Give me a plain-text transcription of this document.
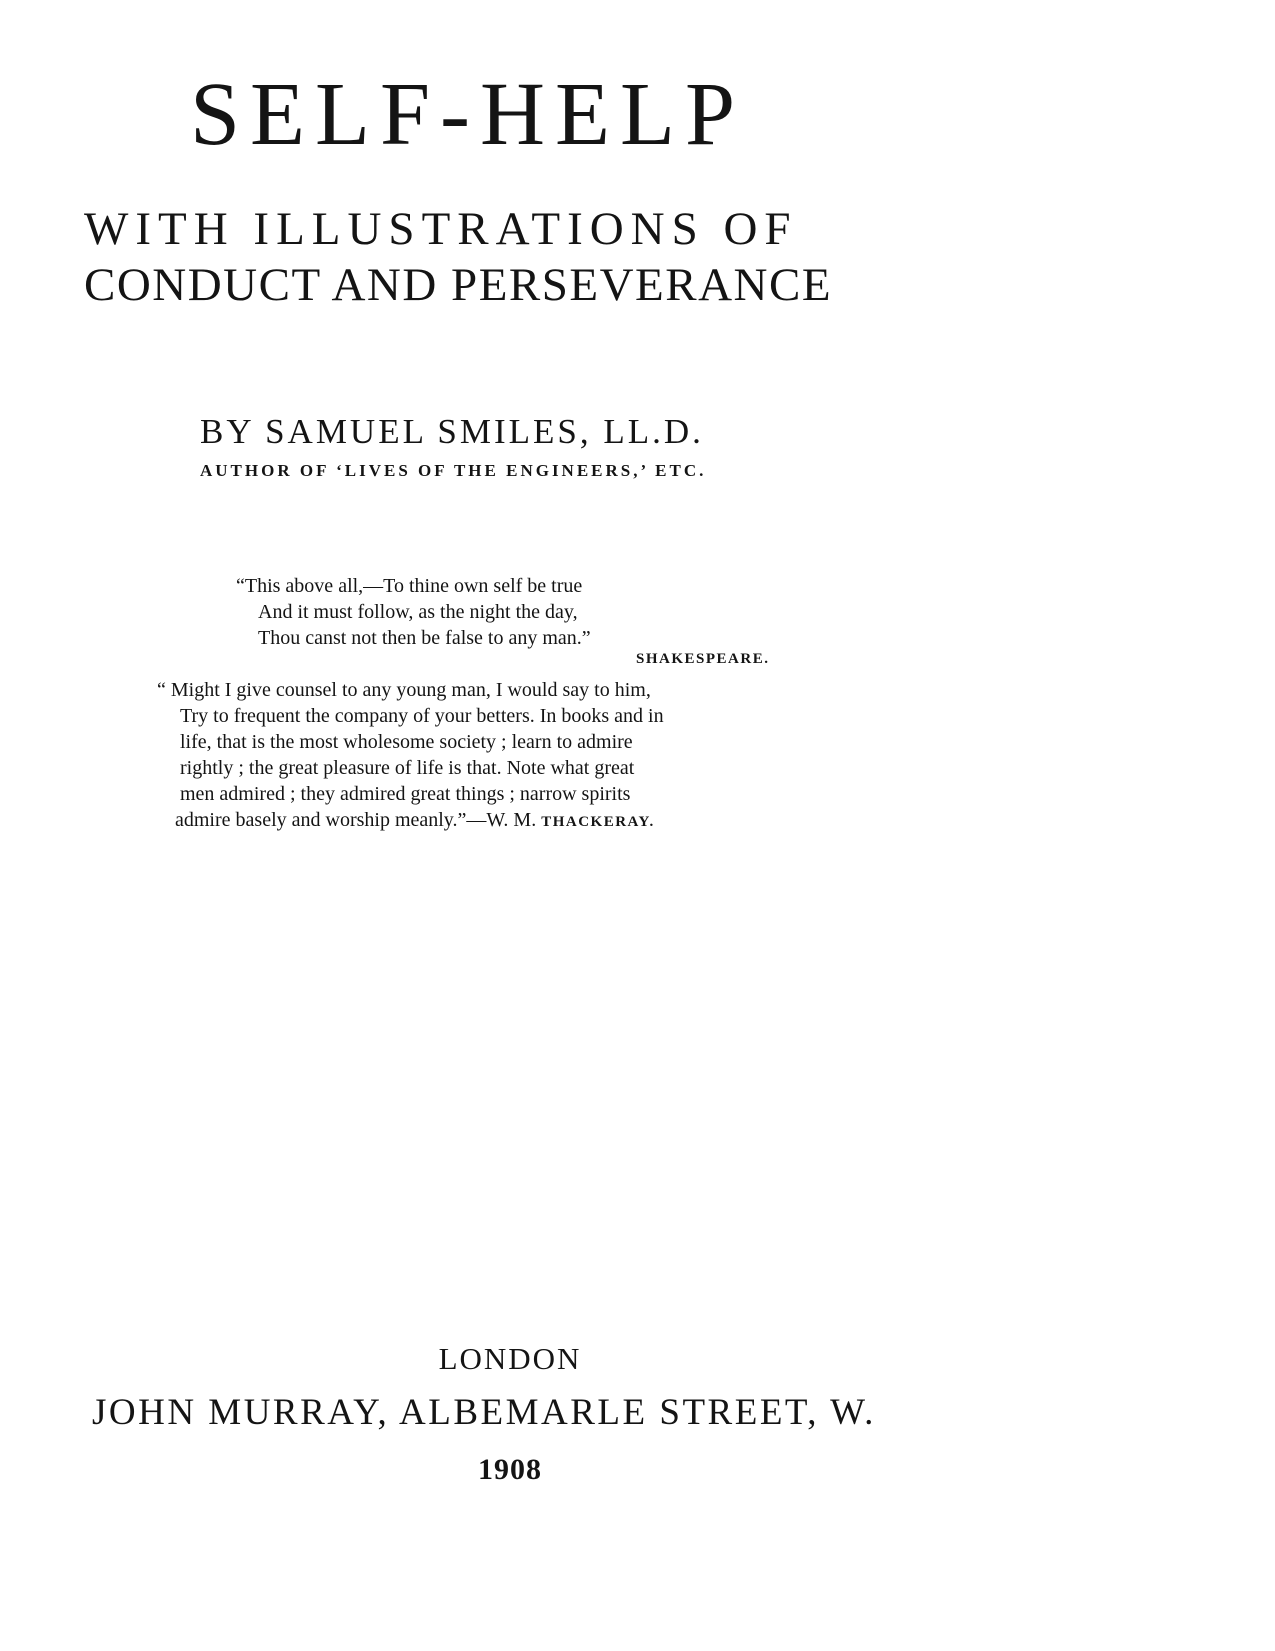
SELF-HELP
WITH ILLUSTRATIONS OF
CONDUCT AND PERSEVERANCE
BY SAMUEL SMILES, LL.D.
AUTHOR OF ‘LIVES OF THE ENGINEERS,’ ETC.
“This above all,—To thine own self be true
And it must follow, as the night the day,
Thou canst not then be false to any man.”
SHAKESPEARE.
“ Might I give counsel to any young man, I would say to him,
Try to frequent the company of your betters. In books and in
life, that is the most wholesome society ; learn to admire
rightly ; the great pleasure of life is that. Note what great
men admired ; they admired great things ; narrow spirits
admire basely and worship meanly.”—W. M. THACKERAY.
LONDON
JOHN MURRAY, ALBEMARLE STREET, W.
1908
